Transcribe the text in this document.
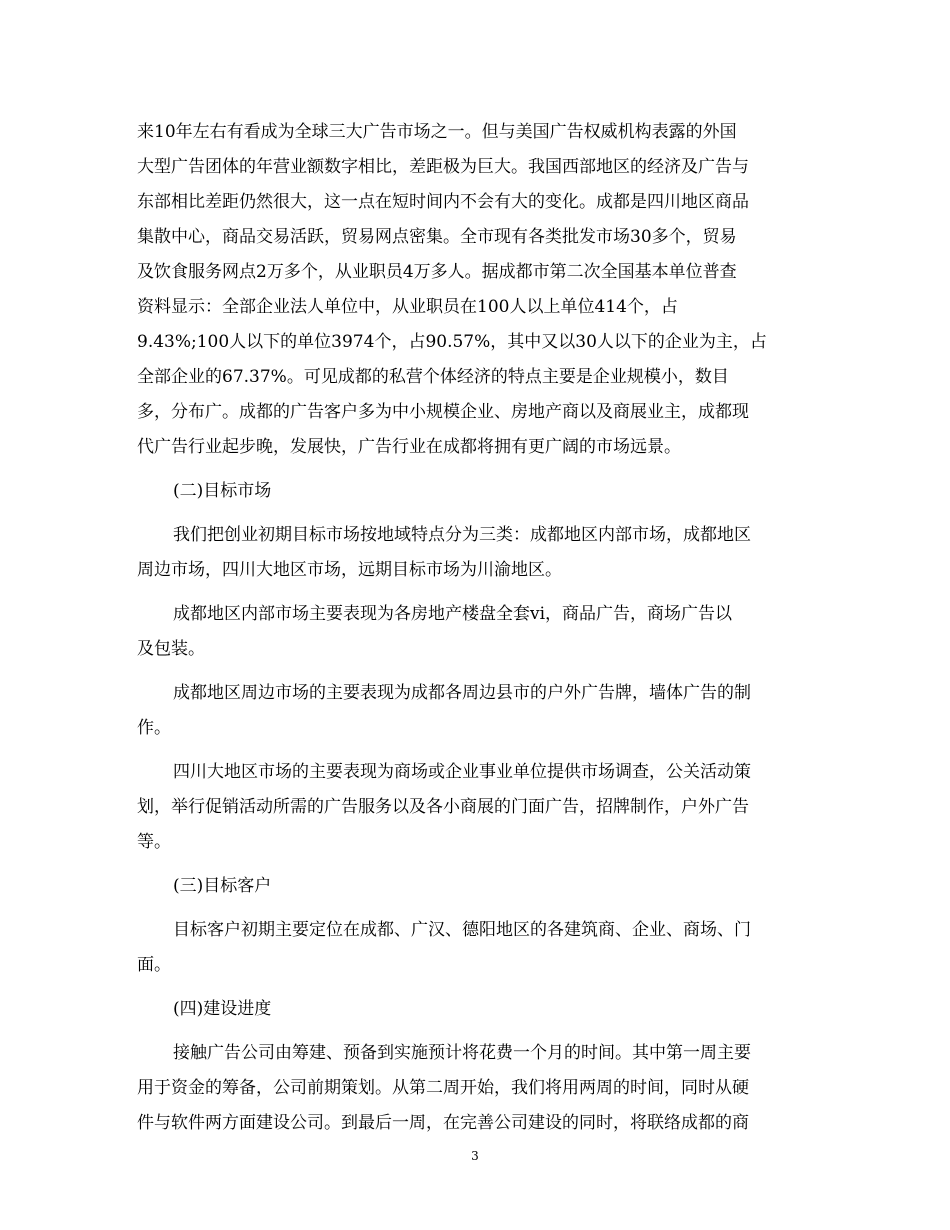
来10年左右有看成为全球三大广告市场之一。但与美国广告权威机构表露的外国
大型广告团体的年营业额数字相比，差距极为巨大。我国西部地区的经济及广告与
东部相比差距仍然很大，这一点在短时间内不会有大的变化。成都是四川地区商品
集散中心，商品交易活跃，贸易网点密集。全市现有各类批发市场30多个，贸易
及饮食服务网点2万多个，从业职员4万多人。据成都市第二次全国基本单位普查
资料显示：全部企业法人单位中，从业职员在100人以上单位414个，占
9.43%;100人以下的单位3974个，占90.57%，其中又以30人以下的企业为主，占
全部企业的67.37%。可见成都的私营个体经济的特点主要是企业规模小，数目
多，分布广。成都的广告客户多为中小规模企业、房地产商以及商展业主，成都现
代广告行业起步晚，发展快，广告行业在成都将拥有更广阔的市场远景。
(二)目标市场
我们把创业初期目标市场按地域特点分为三类：成都地区内部市场，成都地区
周边市场，四川大地区市场，远期目标市场为川渝地区。
成都地区内部市场主要表现为各房地产楼盘全套vi，商品广告，商场广告以
及包装。
成都地区周边市场的主要表现为成都各周边县市的户外广告牌，墙体广告的制
作。
四川大地区市场的主要表现为商场或企业事业单位提供市场调查，公关活动策
划，举行促销活动所需的广告服务以及各小商展的门面广告，招牌制作，户外广告
等。
(三)目标客户
目标客户初期主要定位在成都、广汉、德阳地区的各建筑商、企业、商场、门
面。
(四)建设进度
接触广告公司由筹建、预备到实施预计将花费一个月的时间。其中第一周主要
用于资金的筹备，公司前期策划。从第二周开始，我们将用两周的时间，同时从硬
件与软件两方面建设公司。到最后一周，在完善公司建设的同时，将联络成都的商
3
